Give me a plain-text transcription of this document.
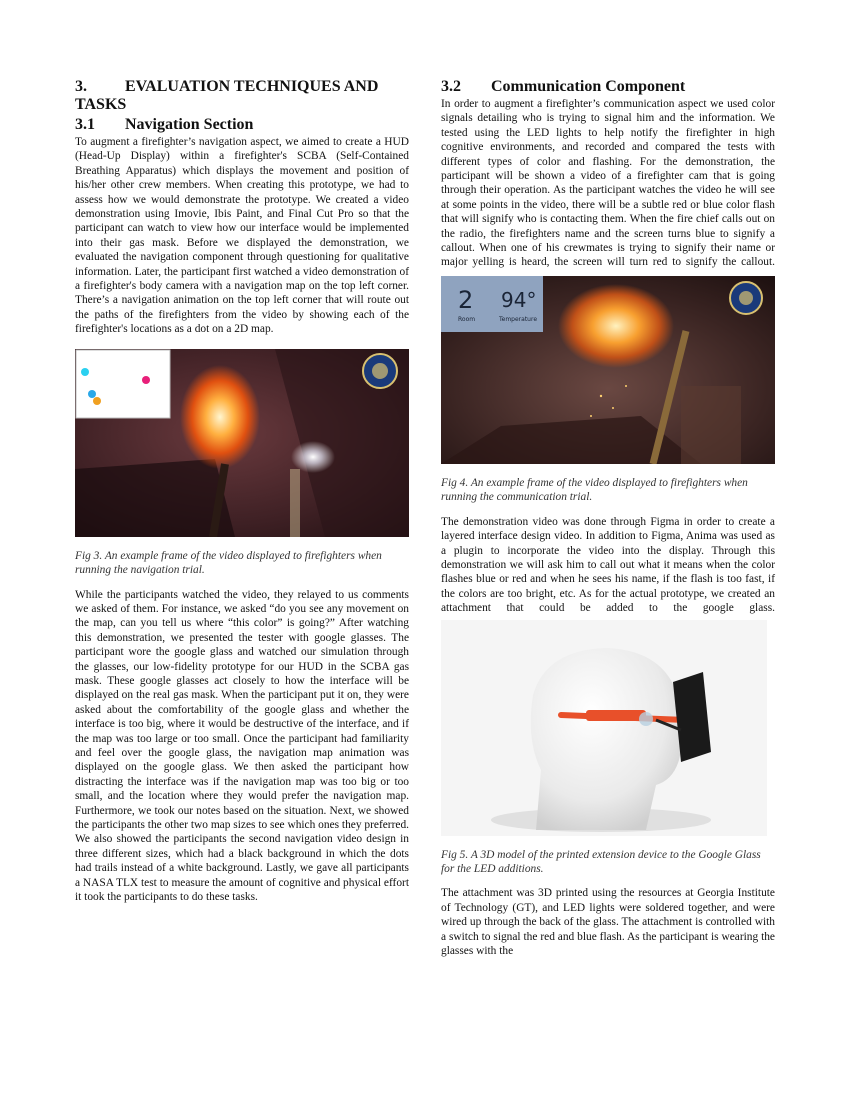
3. EVALUATION TECHNIQUES AND TASKS
3.1 Navigation Section

To augment a firefighter’s navigation aspect, we aimed to create a HUD (Head-Up Display) within a firefighter's SCBA (Self-Contained Breathing Apparatus) which displays the movement and position of his/her other crew members. When creating this prototype, we had to assess how we would demonstrate the prototype. We created a video demonstration using Imovie, Ibis Paint, and Final Cut Pro so that the participant can watch to view how our interface would be implemented into their gas mask. Before we displayed the demonstration, we evaluated the navigation component through questioning for qualitative information. Later, the participant first watched a video demonstration of a firefighter's body camera with a navigation map on the top left corner. There’s a navigation animation on the top left corner that will route out the paths of the firefighters from the video by showing each of the firefighter's locations as a dot on a 2D map.

Fig 3. An example frame of the video displayed to firefighters when running the navigation trial.

While the participants watched the video, they relayed to us comments we asked of them. For instance, we asked “do you see any movement on the map, can you tell us where “this color” is going?” After watching this demonstration, we presented the tester with google glasses. The participant wore the google glass and watched our simulation through the glasses, our low-fidelity prototype for our HUD in the SCBA gas mask. These google glasses act closely to how the interface will be displayed on the real gas mask. When the participant put it on, they were asked about the comfortability of the google glass and whether the interface is too big, where it would be destructive of the interface, and if the map was too large or too small. Once the participant had familiarity and feel over the google glass, the navigation map animation was displayed on the google glass. We then asked the participant how distracting the interface was if the navigation map was too big or too small, and the location where they would prefer the navigation map. Furthermore, we took our notes based on the situation. Next, we showed the participants the other two map sizes to see which ones they preferred. We also showed the participants the second navigation video design in three different sizes, which had a black background in which the dots had trails instead of a white background. Lastly, we gave all participants a NASA TLX test to measure the amount of cognitive and physical effort it took the participants to do these tasks.

3.2 Communication Component

In order to augment a firefighter’s communication aspect we used color signals detailing who is trying to signal him and the information. We tested using the LED lights to help notify the firefighter in high cognitive environments, and recorded and compared the tests with different types of color and flashing. For the demonstration, the participant will be shown a video of a firefighter cam that is going through their operation. As the participant watches the video he will see at some points in the video, there will be a subtle red or blue color flash that will signify who is contacting them. When the fire chief calls out on the radio, the firefighters name and the screen turns blue to signify a callout. When one of his crewmates is trying to signify their name or major yelling is heard, the screen will turn red to signify the callout.

2
Room
94°
Temperature

Fig 4. An example frame of the video displayed to firefighters when running the communication trial.

The demonstration video was done through Figma in order to create a layered interface design video. In addition to Figma, Anima was used as a plugin to incorporate the video into the display. Through this demonstration we will ask him to call out what it means when the color flashes blue or red and when he sees his name, if the flash is too fast, if the colors are too bright, etc. As for the actual prototype, we created an attachment that could be added to the google glass.

Fig 5. A 3D model of the printed extension device to the Google Glass for the LED additions.

The attachment was 3D printed using the resources at Georgia Institute of Technology (GT), and LED lights were soldered together, and were wired up through the back of the glass. The attachment is controlled with a switch to signal the red and blue flash. As the participant is wearing the glasses with the
